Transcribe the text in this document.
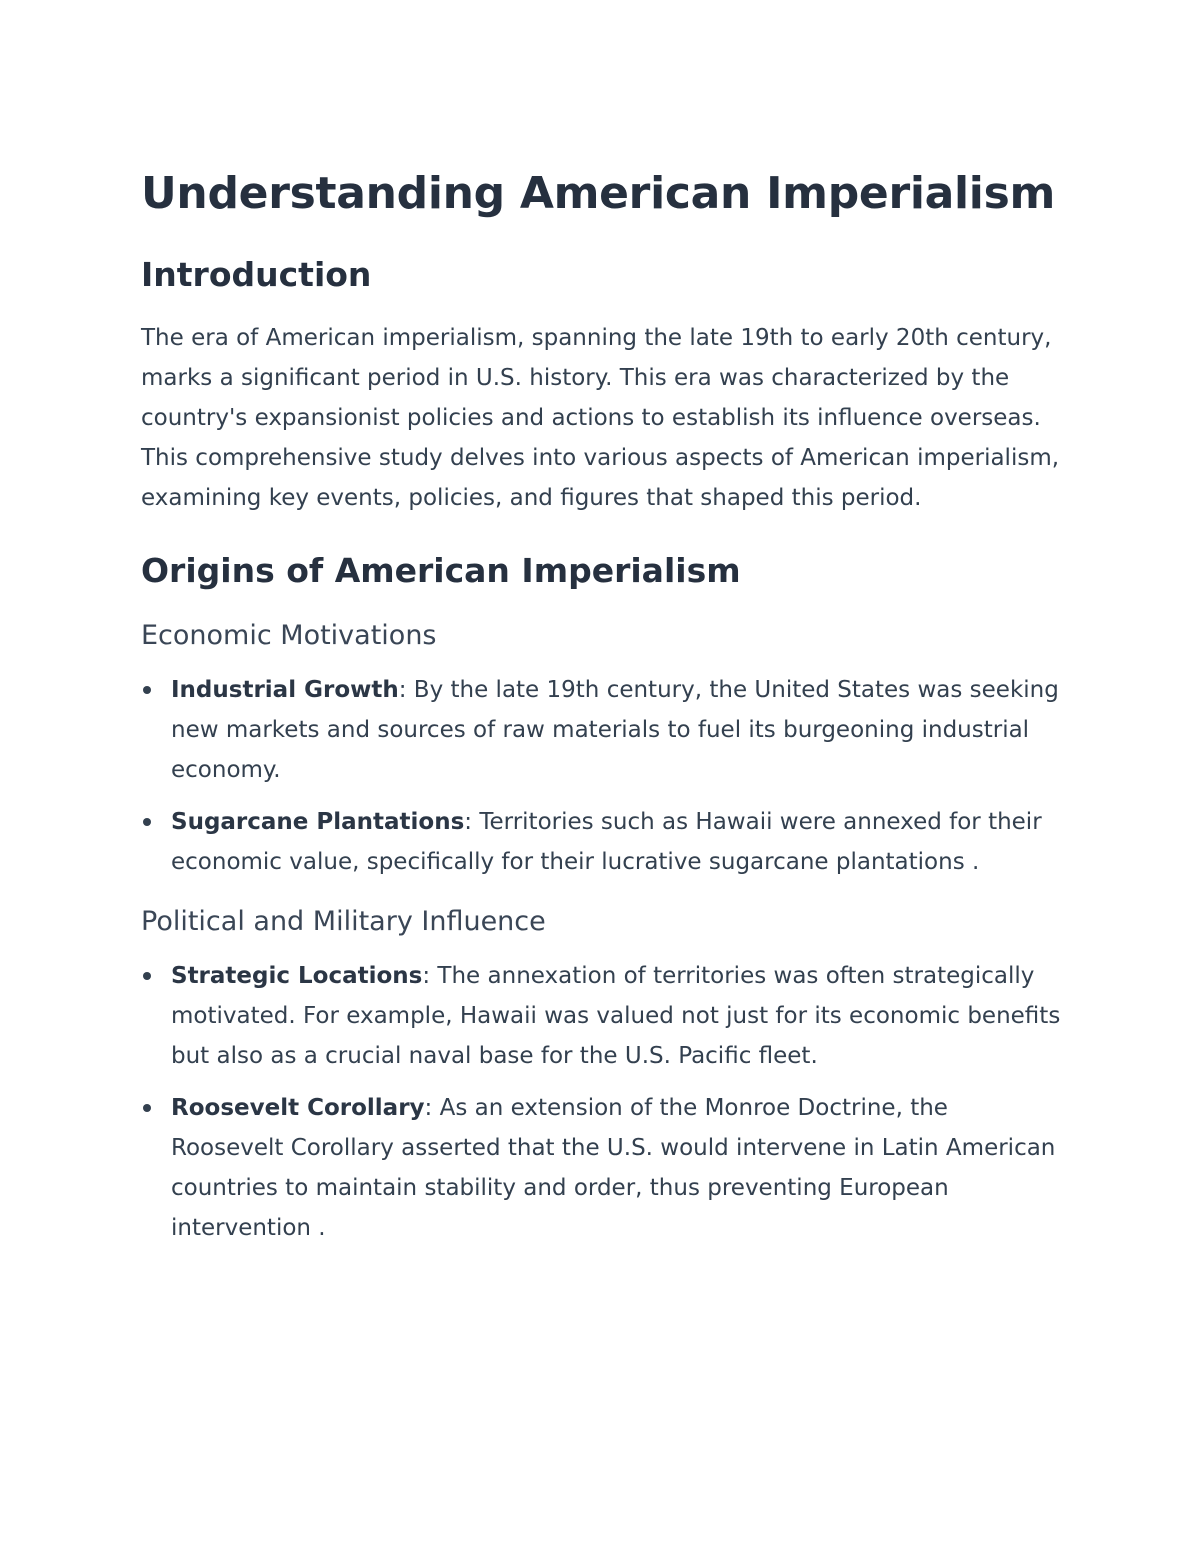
Understanding American Imperialism
Introduction

The era of American imperialism, spanning the late 19th to early 20th century, marks a significant period in U.S. history. This era was characterized by the country's expansionist policies and actions to establish its influence overseas. This comprehensive study delves into various aspects of American imperialism, examining key events, policies, and figures that shaped this period.

Origins of American Imperialism
Economic Motivations
Industrial Growth: By the late 19th century, the United States was seeking new markets and sources of raw materials to fuel its burgeoning industrial economy.
Sugarcane Plantations: Territories such as Hawaii were annexed for their economic value, specifically for their lucrative sugarcane plantations .
Political and Military Influence
Strategic Locations: The annexation of territories was often strategically motivated. For example, Hawaii was valued not just for its economic benefits but also as a crucial naval base for the U.S. Pacific fleet.
Roosevelt Corollary: As an extension of the Monroe Doctrine, the Roosevelt Corollary asserted that the U.S. would intervene in Latin American countries to maintain stability and order, thus preventing European intervention .
